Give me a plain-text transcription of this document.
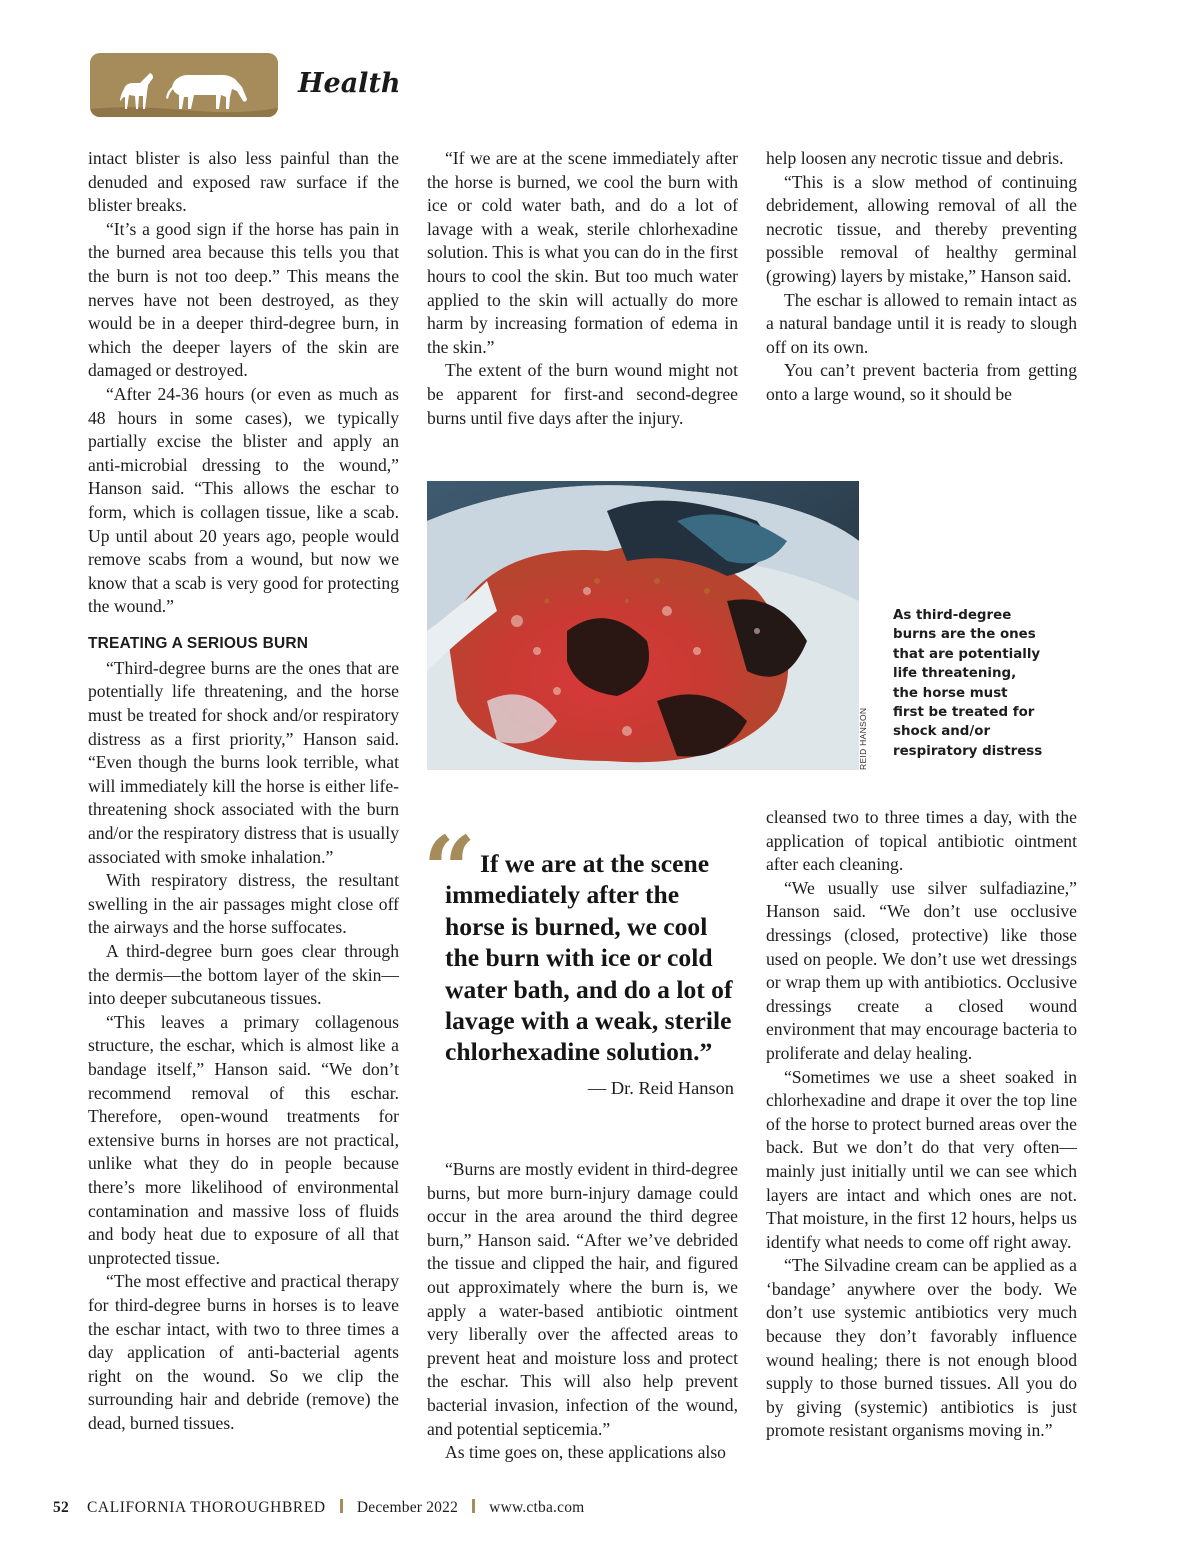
Health

intact blister is also less painful than the denuded and exposed raw surface if the blister breaks.

“It’s a good sign if the horse has pain in the burned area because this tells you that the burn is not too deep.” This means the nerves have not been destroyed, as they would be in a deeper third-degree burn, in which the deeper layers of the skin are damaged or destroyed.

“After 24-36 hours (or even as much as 48 hours in some cases), we typically partially excise the blister and apply an anti-microbial dressing to the wound,” Hanson said. “This allows the eschar to form, which is collagen tissue, like a scab. Up until about 20 years ago, people would remove scabs from a wound, but now we know that a scab is very good for protecting the wound.”

TREATING A SERIOUS BURN

“Third-degree burns are the ones that are potentially life threatening, and the horse must be treated for shock and/or respiratory distress as a first priority,” Hanson said. “Even though the burns look terrible, what will immediately kill the horse is either life-threatening shock associated with the burn and/or the respiratory distress that is usually associated with smoke inhalation.”

With respiratory distress, the resultant swelling in the air passages might close off the airways and the horse suffocates.

A third-degree burn goes clear through the dermis—the bottom layer of the skin—into deeper subcutaneous tissues.

“This leaves a primary collagenous structure, the eschar, which is almost like a bandage itself,” Hanson said. “We don’t recommend removal of this eschar. Therefore, open-wound treatments for extensive burns in horses are not practical, unlike what they do in people because there’s more likelihood of environmental contamination and massive loss of fluids and body heat due to exposure of all that unprotected tissue.

“The most effective and practical therapy for third-degree burns in horses is to leave the eschar intact, with two to three times a day application of anti-bacterial agents right on the wound. So we clip the surrounding hair and debride (remove) the dead, burned tissues.

“If we are at the scene immediately after the horse is burned, we cool the burn with ice or cold water bath, and do a lot of lavage with a weak, sterile chlorhexadine solution. This is what you can do in the first hours to cool the skin. But too much water applied to the skin will actually do more harm by increasing formation of edema in the skin.”

The extent of the burn wound might not be apparent for first-and second-degree burns until five days after the injury.

help loosen any necrotic tissue and debris.

“This is a slow method of continuing debridement, allowing removal of all the necrotic tissue, and thereby preventing possible removal of healthy germinal (growing) layers by mistake,” Hanson said.

The eschar is allowed to remain intact as a natural bandage until it is ready to slough off on its own.

You can’t prevent bacteria from getting onto a large wound, so it should be

REID HANSON
As third-degree burns are the ones that are potentially life threatening, the horse must first be treated for shock and/or respiratory distress
“ If we are at the scene immediately after the horse is burned, we cool the burn with ice or cold water bath, and do a lot of lavage with a weak, sterile chlorhexadine solution.”
— Dr. Reid Hanson

“Burns are mostly evident in third-degree burns, but more burn-injury damage could occur in the area around the third degree burn,” Hanson said. “After we’ve debrided the tissue and clipped the hair, and figured out approximately where the burn is, we apply a water-based antibiotic ointment very liberally over the affected areas to prevent heat and moisture loss and protect the eschar. This will also help prevent bacterial invasion, infection of the wound, and potential septicemia.”

As time goes on, these applications also

cleansed two to three times a day, with the application of topical antibiotic ointment after each cleaning.

“We usually use silver sulfadiazine,” Hanson said. “We don’t use occlusive dressings (closed, protective) like those used on people. We don’t use wet dressings or wrap them up with antibiotics. Occlusive dressings create a closed wound environment that may encourage bacteria to proliferate and delay healing.

“Sometimes we use a sheet soaked in chlorhexadine and drape it over the top line of the horse to protect burned areas over the back. But we don’t do that very often—mainly just initially until we can see which layers are intact and which ones are not. That moisture, in the first 12 hours, helps us identify what needs to come off right away.

“The Silvadine cream can be applied as a ‘bandage’ anywhere over the body. We don’t use systemic antibiotics very much because they don’t favorably influence wound healing; there is not enough blood supply to those burned tissues. All you do by giving (systemic) antibiotics is just promote resistant organisms moving in.”

52 CALIFORNIA THOROUGHBRED December 2022 www.ctba.com
